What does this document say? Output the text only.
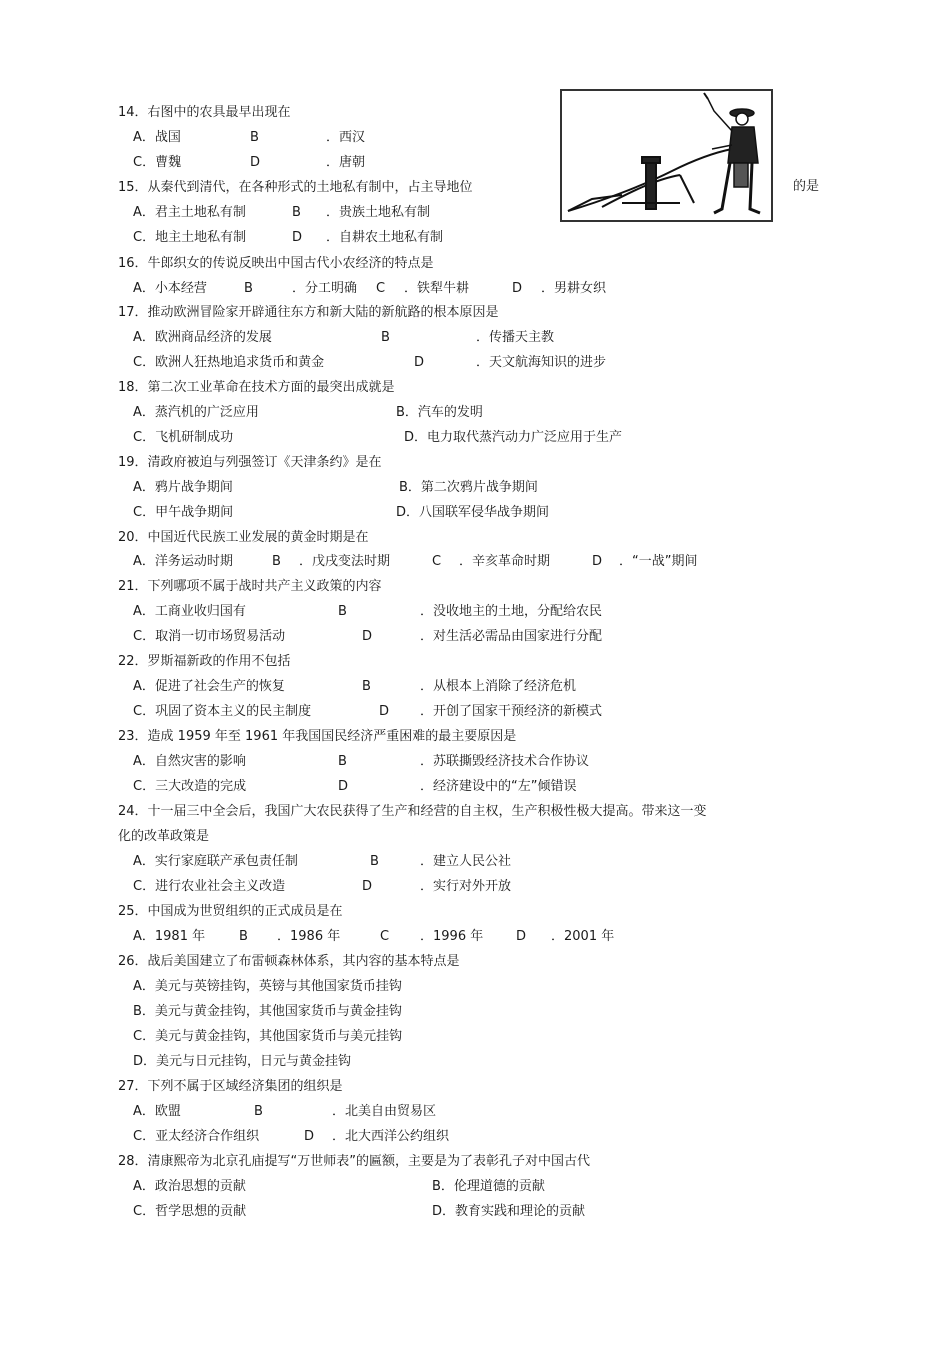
的是
14．右图中的农具最早出现在
A．战国	B	．西汉
C．曹魏	D	．唐朝
15．从秦代到清代，在各种形式的土地私有制中，占主导地位
A．君主土地私有制	B ．贵族土地私有制
C．地主土地私有制	D ．自耕农土地私有制
16．牛郎织女的传说反映出中国古代小农经济的特点是
A．小本经营	B	．分工明确 C ．铁犁牛耕	D ．男耕女织
17．推动欧洲冒险家开辟通往东方和新大陆的新航路的根本原因是
A．欧洲商品经济的发展	B	．传播天主教
C．欧洲人狂热地追求货币和黄金	D	．天文航海知识的进步
18．第二次工业革命在技术方面的最突出成就是
A．蒸汽机的广泛应用	B．汽车的发明
C．飞机研制成功	D．电力取代蒸汽动力广泛应用于生产
19．清政府被迫与列强签订《天津条约》是在
A．鸦片战争期间	B．第二次鸦片战争期间
C．甲午战争期间	D．八国联军侵华战争期间
20．中国近代民族工业发展的黄金时期是在
A．洋务运动时期	B ．戊戌变法时期	C ．辛亥革命时期	D ．“一战”期间
21．下列哪项不属于战时共产主义政策的内容
A．工商业收归国有	B	．没收地主的土地，分配给农民
C．取消一切市场贸易活动	D	．对生活必需品由国家进行分配
22．罗斯福新政的作用不包括
A．促进了社会生产的恢复	B	．从根本上消除了经济危机
C．巩固了资本主义的民主制度	D ．开创了国家干预经济的新模式
23．造成 1959 年至 1961 年我国国民经济严重困难的最主要原因是
A．自然灾害的影响	B	．苏联撕毁经济技术合作协议
C．三大改造的完成	D	．经济建设中的“左”倾错误
24．十一届三中全会后，我国广大农民获得了生产和经营的自主权，生产积极性极大提高。带来这一变
化的改革政策是
A．实行家庭联产承包责任制	B	．建立人民公社
C．进行农业社会主义改造	D	．实行对外开放
25．中国成为世贸组织的正式成员是在
A．1981 年	B ．1986 年	C ．1996 年	D ．2001 年
26．战后美国建立了布雷顿森林体系，其内容的基本特点是
A．美元与英镑挂钩，英镑与其他国家货币挂钩
B．美元与黄金挂钩，其他国家货币与黄金挂钩
C．美元与黄金挂钩，其他国家货币与美元挂钩
D．美元与日元挂钩，日元与黄金挂钩
27．下列不属于区域经济集团的组织是
A．欧盟	B	．北美自由贸易区
C．亚太经济合作组织	D ．北大西洋公约组织
28．清康熙帝为北京孔庙提写“万世师表”的匾额，主要是为了表彰孔子对中国古代
A．政治思想的贡献	B．伦理道德的贡献
C．哲学思想的贡献	D．教育实践和理论的贡献
